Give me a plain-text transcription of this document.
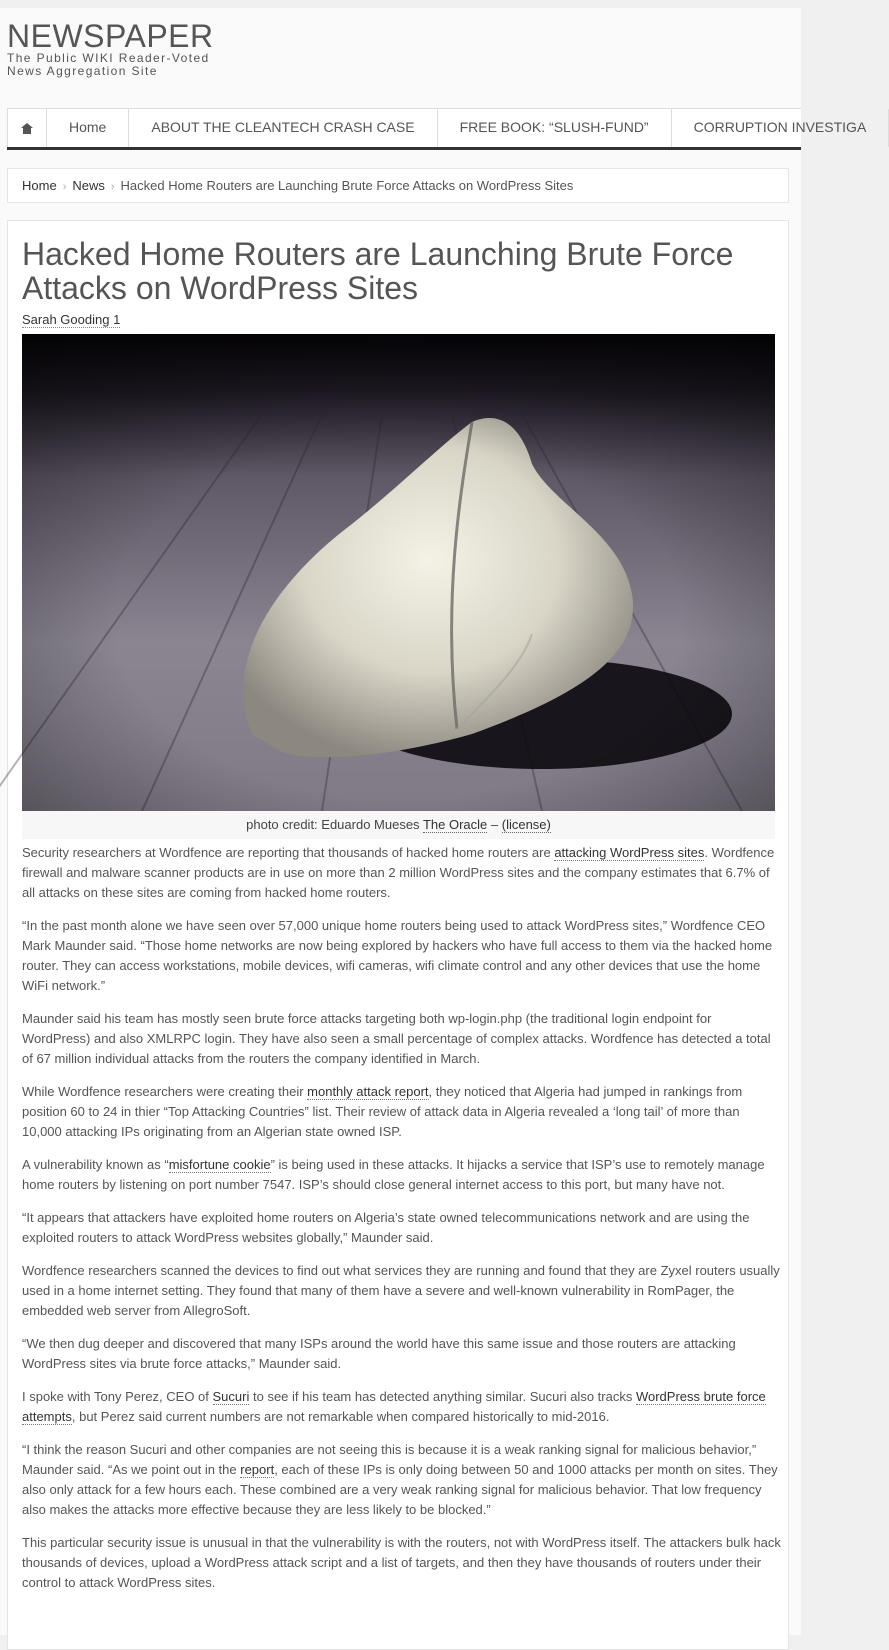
NEWSPAPER
The Public WIKI Reader-Voted News Aggregation Site
Home	ABOUT THE CLEANTECH CRASH CASE	FREE BOOK: “SLUSH-FUND”	CORRUPTION INVESTIGA
Home › News › Hacked Home Routers are Launching Brute Force Attacks on WordPress Sites
Hacked Home Routers are Launching Brute Force Attacks on WordPress Sites
Sarah Gooding 1
photo credit: Eduardo Mueses The Oracle – (license)

Security researchers at Wordfence are reporting that thousands of hacked home routers are attacking WordPress sites. Wordfence firewall and malware scanner products are in use on more than 2 million WordPress sites and the company estimates that 6.7% of all attacks on these sites are coming from hacked home routers.

“In the past month alone we have seen over 57,000 unique home routers being used to attack WordPress sites,” Wordfence CEO Mark Maunder said. “Those home networks are now being explored by hackers who have full access to them via the hacked home router. They can access workstations, mobile devices, wifi cameras, wifi climate control and any other devices that use the home WiFi network.”

Maunder said his team has mostly seen brute force attacks targeting both wp-login.php (the traditional login endpoint for WordPress) and also XMLRPC login. They have also seen a small percentage of complex attacks. Wordfence has detected a total of 67 million individual attacks from the routers the company identified in March.

While Wordfence researchers were creating their monthly attack report, they noticed that Algeria had jumped in rankings from position 60 to 24 in thier “Top Attacking Countries” list. Their review of attack data in Algeria revealed a ‘long tail’ of more than 10,000 attacking IPs originating from an Algerian state owned ISP.

A vulnerability known as “misfortune cookie” is being used in these attacks. It hijacks a service that ISP’s use to remotely manage home routers by listening on port number 7547. ISP’s should close general internet access to this port, but many have not.

“It appears that attackers have exploited home routers on Algeria’s state owned telecommunications network and are using the exploited routers to attack WordPress websites globally,” Maunder said.

Wordfence researchers scanned the devices to find out what services they are running and found that they are Zyxel routers usually used in a home internet setting. They found that many of them have a severe and well-known vulnerability in RomPager, the embedded web server from AllegroSoft.

“We then dug deeper and discovered that many ISPs around the world have this same issue and those routers are attacking WordPress sites via brute force attacks,” Maunder said.

I spoke with Tony Perez, CEO of Sucuri to see if his team has detected anything similar. Sucuri also tracks WordPress brute force attempts, but Perez said current numbers are not remarkable when compared historically to mid-2016.

“I think the reason Sucuri and other companies are not seeing this is because it is a weak ranking signal for malicious behavior,” Maunder said. “As we point out in the report, each of these IPs is only doing between 50 and 1000 attacks per month on sites. They also only attack for a few hours each. These combined are a very weak ranking signal for malicious behavior. That low frequency also makes the attacks more effective because they are less likely to be blocked.”

This particular security issue is unusual in that the vulnerability is with the routers, not with WordPress itself. The attackers bulk hack thousands of devices, upload a WordPress attack script and a list of targets, and then they have thousands of routers under their control to attack WordPress sites.
